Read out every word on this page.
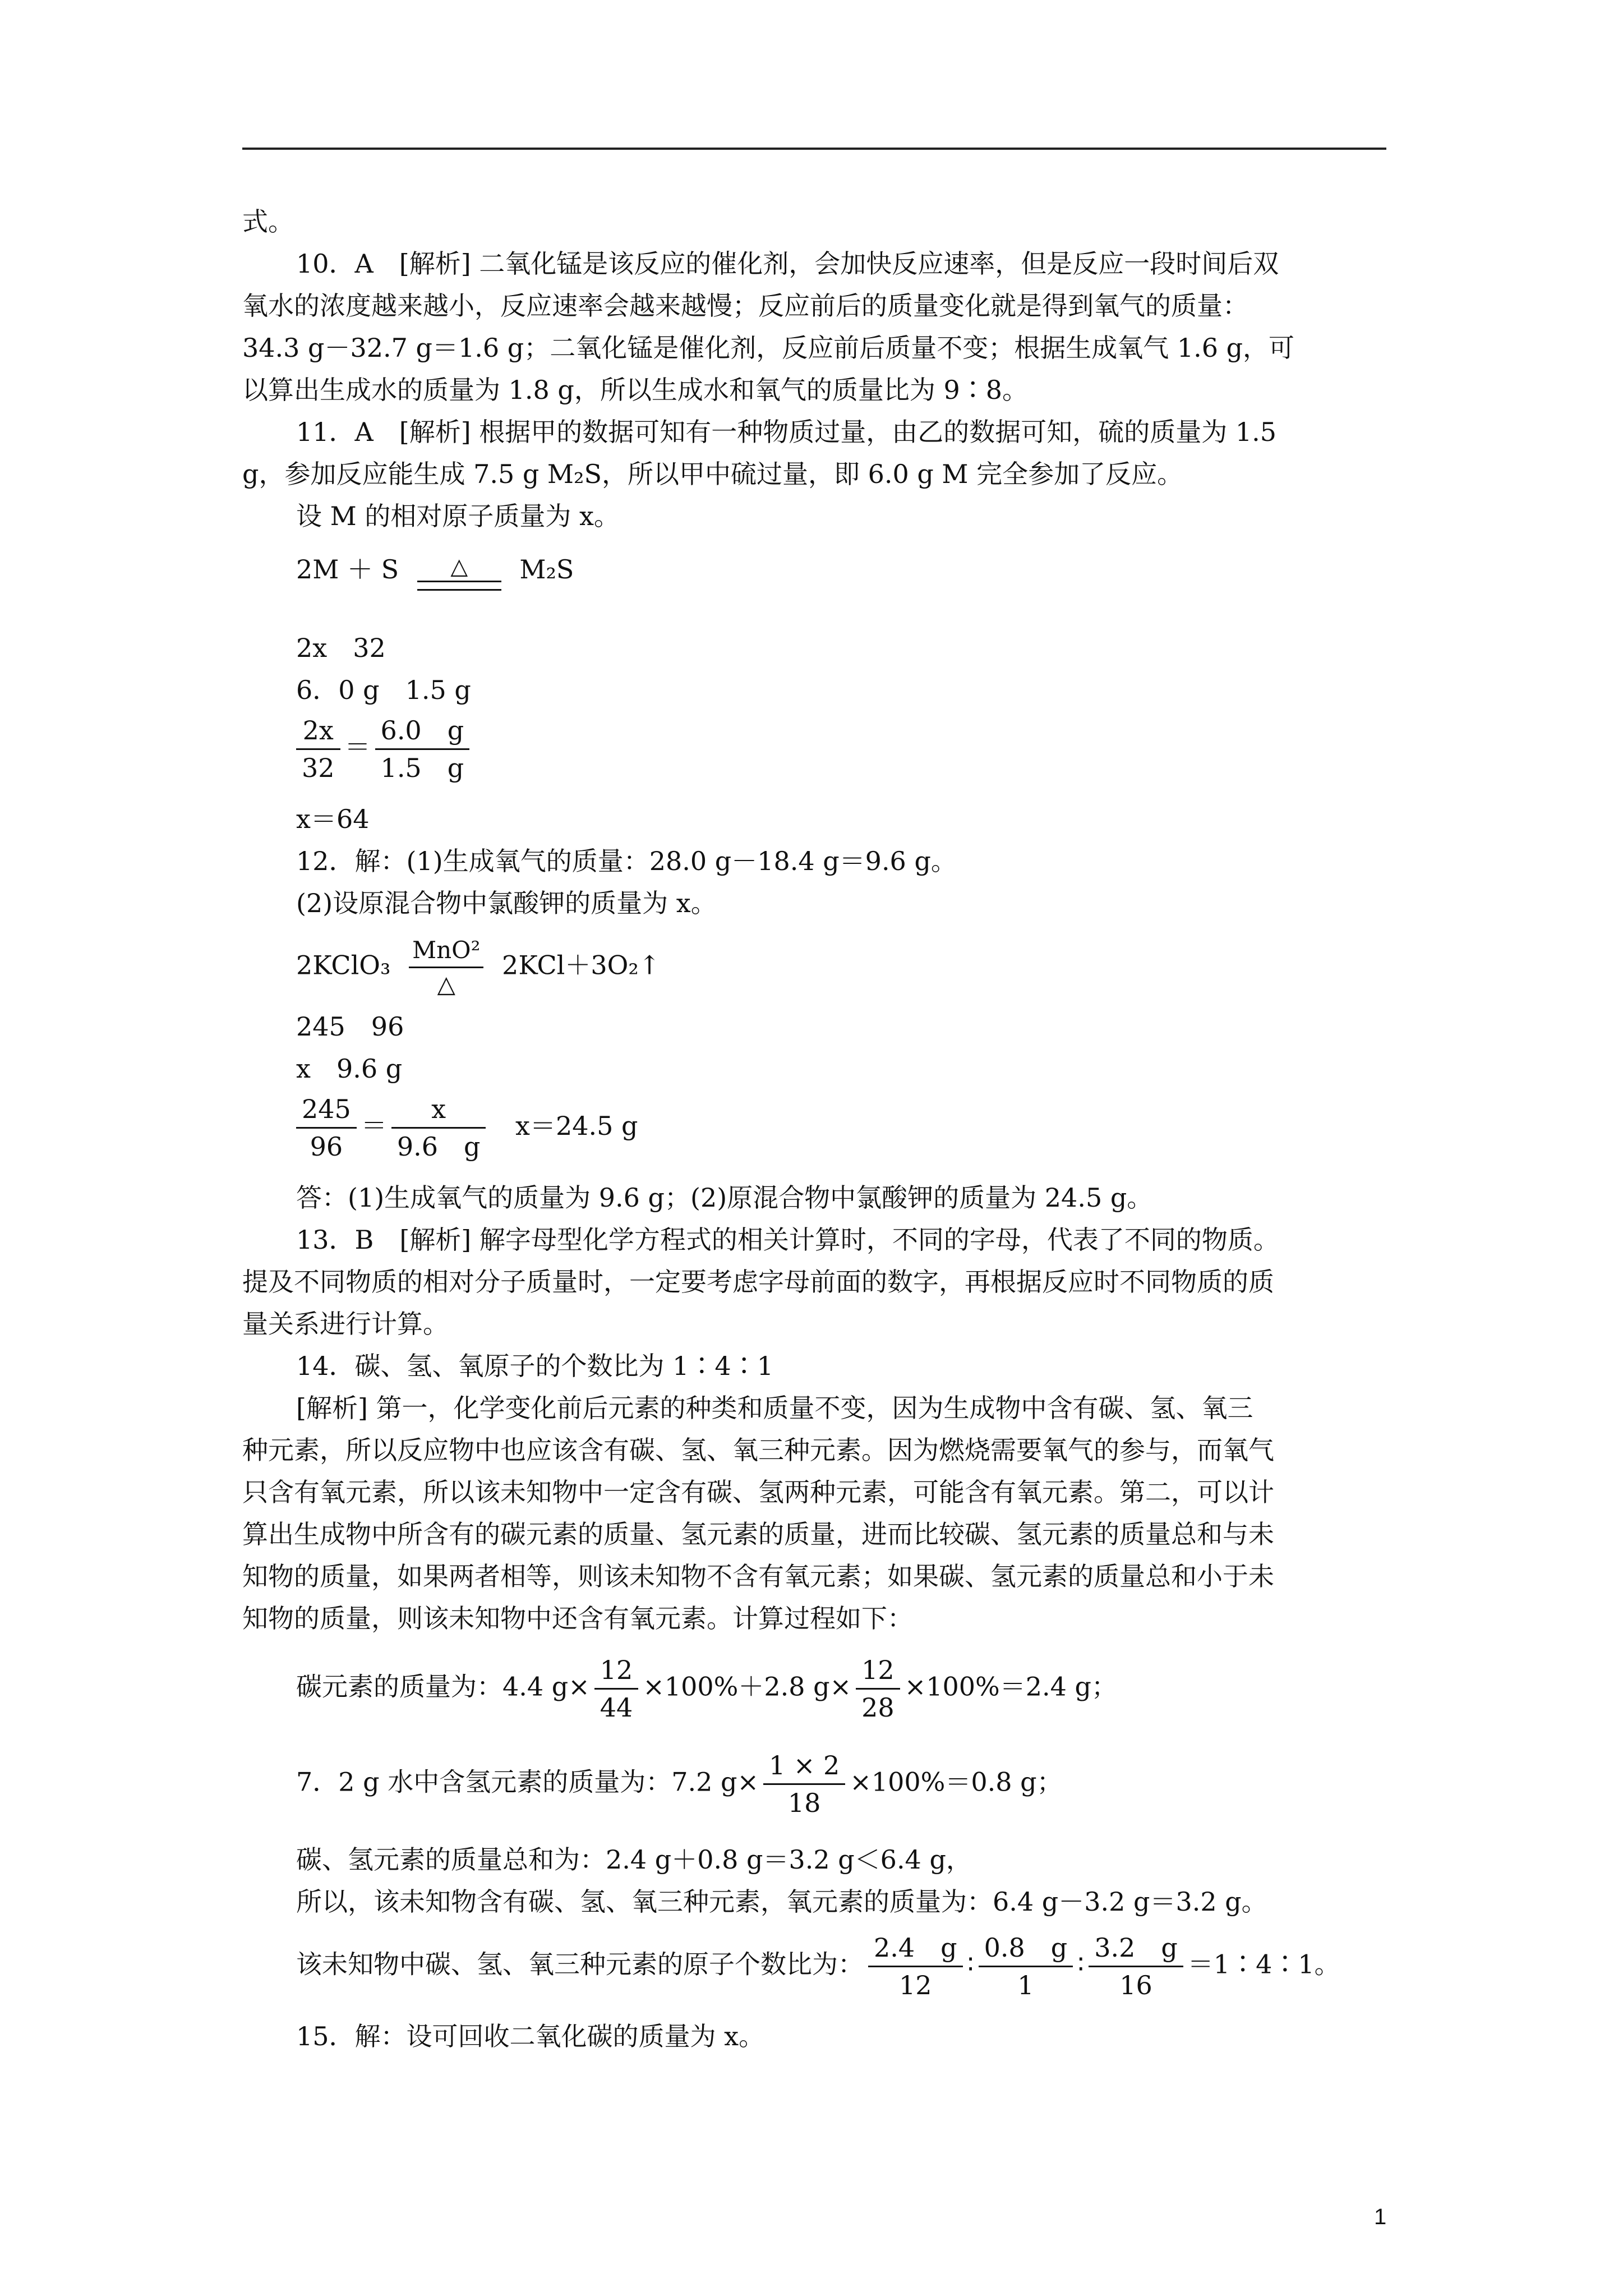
式。
10．A　[解析] 二氧化锰是该反应的催化剂，会加快反应速率，但是反应一段时间后双
氧水的浓度越来越小，反应速率会越来越慢；反应前后的质量变化就是得到氧气的质量：
34.3 g－32.7 g＝1.6 g；二氧化锰是催化剂，反应前后质量不变；根据生成氧气 1.6 g，可
以算出生成水的质量为 1.8 g，所以生成水和氧气的质量比为 9∶8。
11．A　[解析] 根据甲的数据可知有一种物质过量，由乙的数据可知，硫的质量为 1.5
g，参加反应能生成 7.5 g M₂S，所以甲中硫过量，即 6.0 g M 完全参加了反应。
设 M 的相对原子质量为 x。
2M ＋ S	△	M₂S
2x　32
6．0 g　1.5 g
$\frac{2x}{32} = \frac{6.0 g}{1.5 g}$
x＝64
12．解：(1)生成氧气的质量：28.0 g－18.4 g＝9.6 g。
(2)设原混合物中氯酸钾的质量为 x。
2KClO₃ MnO²
△
2KCl＋3O₂↑
245　96
x　9.6 g
$\frac{245}{96} = \frac{x}{9.6 g} x=24.5$ g
答：(1)生成氧气的质量为 9.6 g；(2)原混合物中氯酸钾的质量为 24.5 g。
13．B　[解析] 解字母型化学方程式的相关计算时，不同的字母，代表了不同的物质。
提及不同物质的相对分子质量时，一定要考虑字母前面的数字，再根据反应时不同物质的质
量关系进行计算。
14．碳、氢、氧原子的个数比为 1∶4∶1
[解析] 第一，化学变化前后元素的种类和质量不变，因为生成物中含有碳、氢、氧三
种元素，所以反应物中也应该含有碳、氢、氧三种元素。因为燃烧需要氧气的参与，而氧气
只含有氧元素，所以该未知物中一定含有碳、氢两种元素，可能含有氧元素。第二，可以计
算出生成物中所含有的碳元素的质量、氢元素的质量，进而比较碳、氢元素的质量总和与未
知物的质量，如果两者相等，则该未知物不含有氧元素；如果碳、氢元素的质量总和小于未
知物的质量，则该未知物中还含有氧元素。计算过程如下：
碳元素的质量为：4.4 $g\times \frac{12}{44} \times 100\%+2.8$ $g\times \frac{12}{28} \times 100\%=2.4$ g；
7．2 g 水中含氢元素的质量为：7.2 $g\times \frac{1 \times 2}{18} \times 100\%=0.8$ g；
碳、氢元素的质量总和为：2.4 g＋0.8 g＝3.2 g＜6.4 g，
所以，该未知物含有碳、氢、氧三种元素，氧元素的质量为：6.4 g－3.2 g＝3.2 g。
该未知物中碳、氢、氧三种元素的原子个数比为： $\frac{2.4 g}{12}$ ∶ $\frac{0.8 g}{1}$ ∶ $\frac{3.2 g}{16}$ ＝1∶4∶1。
15．解：设可回收二氧化碳的质量为 x。
1
